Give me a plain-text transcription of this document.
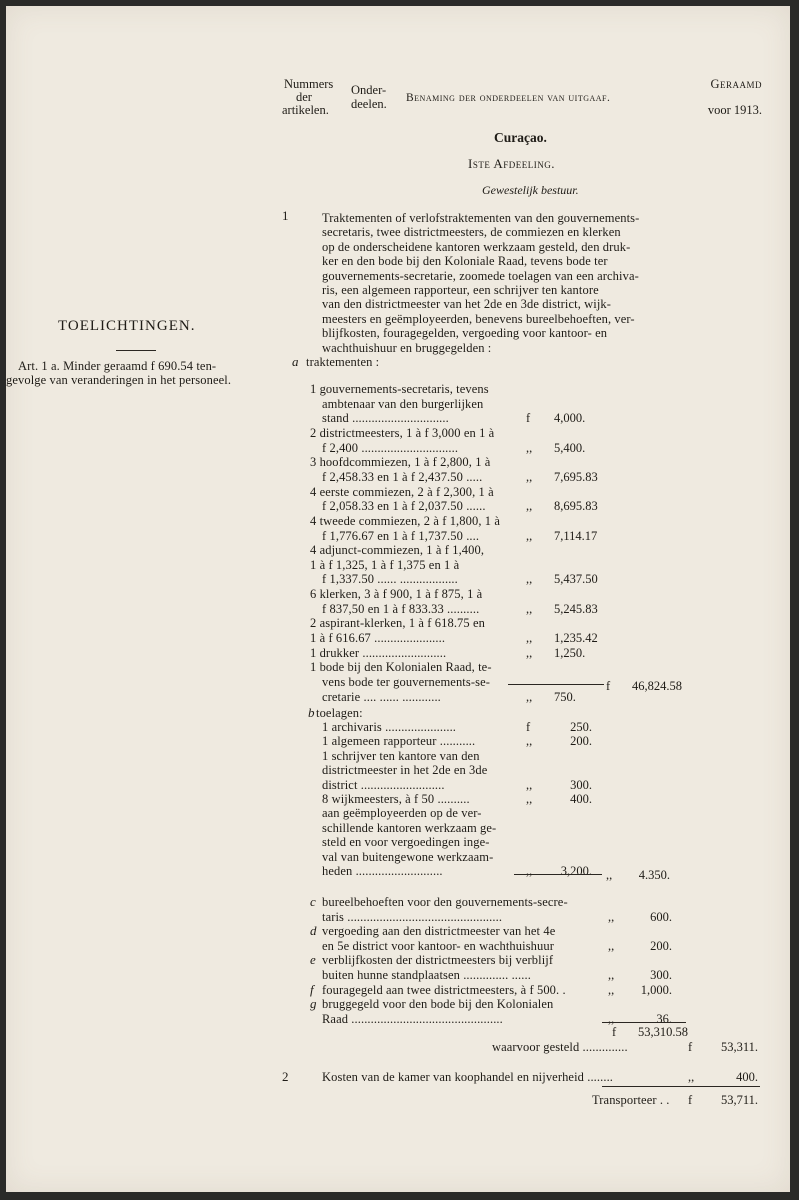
Nummers
der
artikelen.
Onder-
deelen. Benaming der onderdeelen van uitgaaf.
Geraamd
voor 1913.
Curaçao.
Iste Afdeeling.
Gewestelijk bestuur.
TOELICHTINGEN.
Art. 1 a. Minder geraamd f 690.54 ten-
gevolge van veranderingen in het personeel.
1	Traktementen of verlofstraktementen van den gouvernements-
secretaris, twee districtmeesters, de commiezen en klerken
op de onderscheidene kantoren werkzaam gesteld, den druk-
ker en den bode bij den Koloniale Raad, tevens bode ter
gouvernements-secretarie, zoomede toelagen van een archiva-
ris, een algemeen rapporteur, een schrijver ten kantore
van den districtmeester van het 2de en 3de district, wijk-
meesters en geëmployeerden, benevens bureelbehoeften, ver-
blijfkosten, fouragegelden, vergoeding voor kantoor- en
wachthuishuur en bruggegelden :
a traktementen :
1 gouvernements-secretaris, tevens
ambtenaar van den burgerlijken
stand ..............................	f 4,000.
2 districtmeesters, 1 à f 3,000 en 1 à
f 2,400 ..............................	,, 5,400.
3 hoofdcommiezen, 1 à f 2,800, 1 à
f 2,458.33 en 1 à f 2,437.50 .....	,, 7,695.83
4 eerste commiezen, 2 à f 2,300, 1 à
f 2,058.33 en 1 à f 2,037.50 ......	,, 8,695.83
4 tweede commiezen, 2 à f 1,800, 1 à
f 1,776.67 en 1 à f 1,737.50 ....	,, 7,114.17
4 adjunct-commiezen, 1 à f 1,400,
1 à f 1,325, 1 à f 1,375 en 1 à
f 1,337.50 ...... ..................	,, 5,437.50
6 klerken, 3 à f 900, 1 à f 875, 1 à
f 837,50 en 1 à f 833.33 ..........	,, 5,245.83
2 aspirant-klerken, 1 à f 618.75 en
1 à f 616.67 ......................	,, 1,235.42
1 drukker ..........................	,, 1,250.
1 bode bij den Kolonialen Raad, te-
vens bode ter gouvernements-se-
cretarie .... ...... ............	,, 750.
f	46,824.58
b toelagen:
1 archivaris ......................	f	250.
1 algemeen rapporteur ...........	,,	200.
1 schrijver ten kantore van den
districtmeester in het 2de en 3de
district ..........................	,,	300.
8 wijkmeesters, à f 50 ..........	,,	400.
aan geëmployeerden op de ver-
schillende kantoren werkzaam ge-
steld en voor vergoedingen inge-
val van buitengewone werkzaam-
heden ...........................	,,	3,200. ,,	4.350.
c bureelbehoeften voor den gouvernements-secre-
taris ................................................	,,	600.
d vergoeding aan den districtmeester van het 4e
en 5e district voor kantoor- en wachthuishuur	,,	200.
e verblijfkosten der districtmeesters bij verblijf
buiten hunne standplaatsen .............. ......	,,	300.
f fouragegeld aan twee districtmeesters, à f 500. .	,,	1,000.
g bruggegeld voor den bode bij den Kolonialen
Raad ...............................................	,,	36.
f	53,310.58
waarvoor gesteld ..............	f	53,311.
2	Kosten van de kamer van koophandel en nijverheid ........	,,	400.
Transporteer . . f	53,711.
